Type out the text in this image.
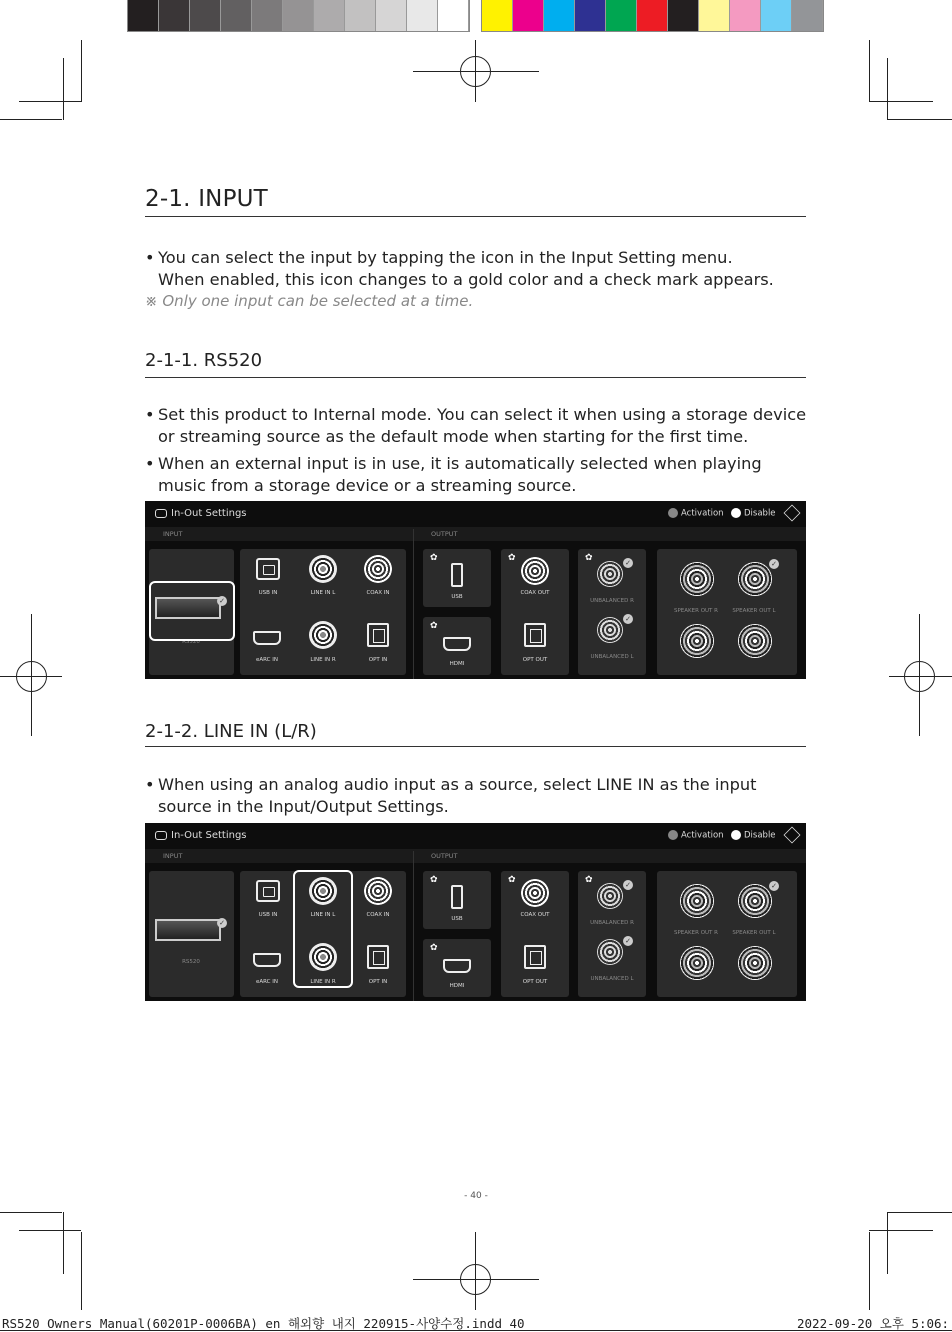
2-1. INPUT
• You can select the input by tapping the icon in the Input Setting menu.
When enabled, this icon changes to a gold color and a check mark appears.
※ Only one input can be selected at a time.
2-1-1. RS520
• Set this product to Internal mode. You can select it when using a storage device
or streaming source as the default mode when starting for the first time.
• When an external input is in use, it is automatically selected when playing
music from a storage device or a streaming source.
In-Out Settings	Activation	Disable
INPUT	OUTPUT
✓
RS520
USB IN	LINE IN L	COAX IN
eARC IN	LINE IN R	OPT IN
✿
USB
✿
HDMI
✿
COAX OUT
OPT OUT
✿	✓
UNBALANCED R
✓
UNBALANCED L
✓
SPEAKER OUT R	SPEAKER OUT L
2-1-2. LINE IN (L/R)
• When using an analog audio input as a source, select LINE IN as the input
source in the Input/Output Settings.
In-Out Settings	Activation	Disable
INPUT	OUTPUT
✓
RS520
USB IN	LINE IN L	COAX IN
eARC IN	LINE IN R	OPT IN
✿
USB
✿
HDMI
✿
COAX OUT
OPT OUT
✿	✓
UNBALANCED R
✓
UNBALANCED L
✓
SPEAKER OUT R	SPEAKER OUT L
- 40 -
RS520_Owners Manual(60201P-0006BA)_en_해외향_내지_220915-사양수정.indd 40	2022-09-20 오후 5:06:
